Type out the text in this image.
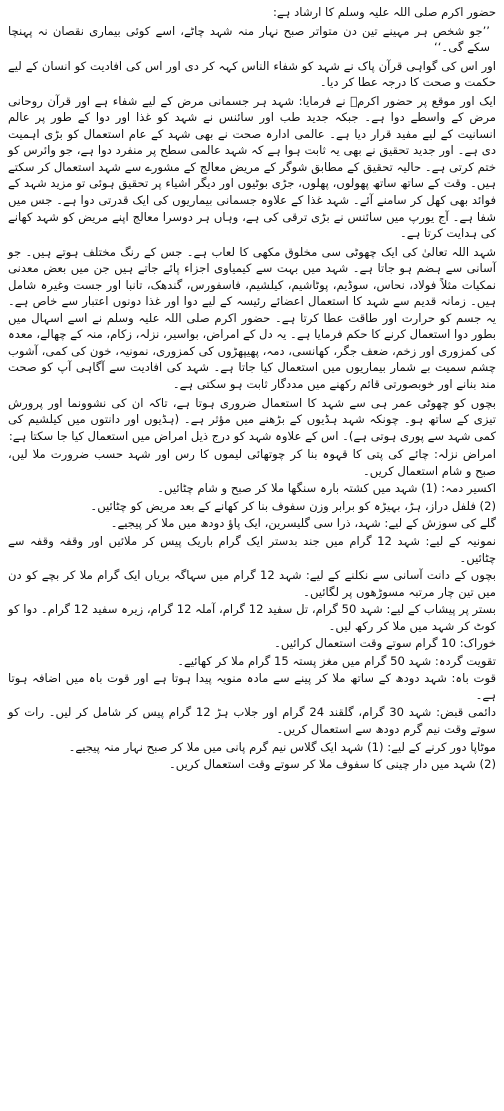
حضور اکرم صلی اللہ علیہ وسلم کا ارشاد ہے:

’’جو شخص ہر مہینے تین دن متواتر صبح نہار منہ شہد چاٹے، اسے کوئی بیماری نقصان نہ پہنچا سکے گی۔‘‘

اور اس کی گواہی قرآن پاک نے شہد کو شفاء الناس کہہ کر دی اور اس کی افادیت کو انسان کے لیے حکمت و صحت کا درجہ عطا کر دیا۔

ایک اور موقع پر حضور اکرمؐ نے فرمایا: شہد ہر جسمانی مرض کے لیے شفاء ہے اور قرآن روحانی مرض کے واسطے دوا ہے۔ جبکہ جدید طب اور سائنس نے شہد کو غذا اور دوا کے طور پر عالم انسانیت کے لیے مفید قرار دیا ہے۔ عالمی ادارہ صحت نے بھی شہد کے عام استعمال کو بڑی اہمیت دی ہے۔ اور جدید تحقیق نے بھی یہ ثابت ہوا ہے کہ شہد عالمی سطح پر منفرد دوا ہے، جو وائرس کو ختم کرتی ہے۔ حالیہ تحقیق کے مطابق شوگر کے مریض معالج کے مشورے سے شہد استعمال کر سکتے ہیں۔ وقت کے ساتھ ساتھ پھولوں، پھلوں، جڑی بوٹیوں اور دیگر اشیاء پر تحقیق ہوئی تو مزید شہد کے فوائد بھی کھل کر سامنے آئے۔ شہد غذا کے علاوہ جسمانی بیماریوں کی ایک قدرتی دوا ہے۔ جس میں شفا ہے۔ آج یورپ میں سائنس نے بڑی ترقی کی ہے، وہاں ہر دوسرا معالج اپنے مریض کو شہد کھانے کی ہدایت کرتا ہے۔

شہد اللہ تعالیٰ کی ایک چھوٹی سی مخلوق مکھی کا لعاب ہے۔ جس کے رنگ مختلف ہوتے ہیں۔ جو آسانی سے ہضم ہو جاتا ہے۔ شہد میں بہت سے کیمیاوی اجزاء پائے جاتے ہیں جن میں بعض معدنی نمکیات مثلاً فولاد، نحاس، سوڈیم، پوٹاشیم، کیلشیم، فاسفورس، گندھک، تانبا اور جست وغیرہ شامل ہیں۔ زمانہ قدیم سے شہد کا استعمال اعضائے رئیسہ کے لیے دوا اور غذا دونوں اعتبار سے خاص ہے۔ یہ جسم کو حرارت اور طاقت عطا کرتا ہے۔ حضور اکرم صلی اللہ علیہ وسلم نے اسے اسہال میں بطور دوا استعمال کرنے کا حکم فرمایا ہے۔ یہ دل کے امراض، بواسیر، نزلہ، زکام، منہ کے چھالے، معدہ کی کمزوری اور زخم، ضعف جگر، کھانسی، دمہ، پھیپھڑوں کی کمزوری، نمونیہ، خون کی کمی، آشوب چشم سمیت بے شمار بیماریوں میں استعمال کیا جاتا ہے۔ شہد کی افادیت سے آگاہی آپ کو صحت مند بنانے اور خوبصورتی قائم رکھنے میں مددگار ثابت ہو سکتی ہے۔

بچوں کو چھوٹی عمر ہی سے شہد کا استعمال ضروری ہوتا ہے، تاکہ ان کی نشوونما اور پرورش تیزی کے ساتھ ہو۔ چونکہ شہد ہڈیوں کے بڑھنے میں مؤثر ہے۔ (ہڈیوں اور دانتوں میں کیلشیم کی کمی شہد سے پوری ہوتی ہے)۔ اس کے علاوہ شہد کو درج ذیل امراض میں استعمال کیا جا سکتا ہے:

امراض نزلہ: چائے کی پتی کا قہوہ بنا کر چوتھائی لیموں کا رس اور شہد حسب ضرورت ملا لیں، صبح و شام استعمال کریں۔

اکسیر دمہ: (1) شہد میں کشتہ بارہ سنگھا ملا کر صبح و شام چٹائیں۔

(2) فلفل دراز، ہڑ، بہیڑہ کو برابر وزن سفوف بنا کر کھانے کے بعد مریض کو چٹائیں۔

گلے کی سوزش کے لیے: شہد، ذرا سی گلیسرین، ایک پاؤ دودھ میں ملا کر پیجیے۔

نمونیہ کے لیے: شہد 12 گرام میں جند بدستر ایک گرام باریک پیس کر ملائیں اور وقفہ وقفہ سے چٹائیں۔

بچوں کے دانت آسانی سے نکلنے کے لیے: شہد 12 گرام میں سہاگہ بریاں ایک گرام ملا کر بچے کو دن میں تین چار مرتبہ مسوڑھوں پر لگائیں۔

بستر پر پیشاب کے لیے: شہد 50 گرام، تل سفید 12 گرام، آملہ 12 گرام، زیرہ سفید 12 گرام۔ دوا کو کوٹ کر شہد میں ملا کر رکھ لیں۔

خوراک: 10 گرام سوتے وقت استعمال کرائیں۔

تقویت گردہ: شہد 50 گرام میں مغز پستہ 15 گرام ملا کر کھائیے۔

قوت باہ: شہد دودھ کے ساتھ ملا کر پینے سے مادہ منویہ پیدا ہوتا ہے اور قوت باہ میں اضافہ ہوتا ہے۔

دائمی قبض: شہد 30 گرام، گلقند 24 گرام اور جلاب ہڑ 12 گرام پیس کر شامل کر لیں۔ رات کو سوتے وقت نیم گرم دودھ سے استعمال کریں۔

موٹاپا دور کرنے کے لیے: (1) شہد ایک گلاس نیم گرم پانی میں ملا کر صبح نہار منہ پیجیے۔

(2) شہد میں دار چینی کا سفوف ملا کر سوتے وقت استعمال کریں۔
